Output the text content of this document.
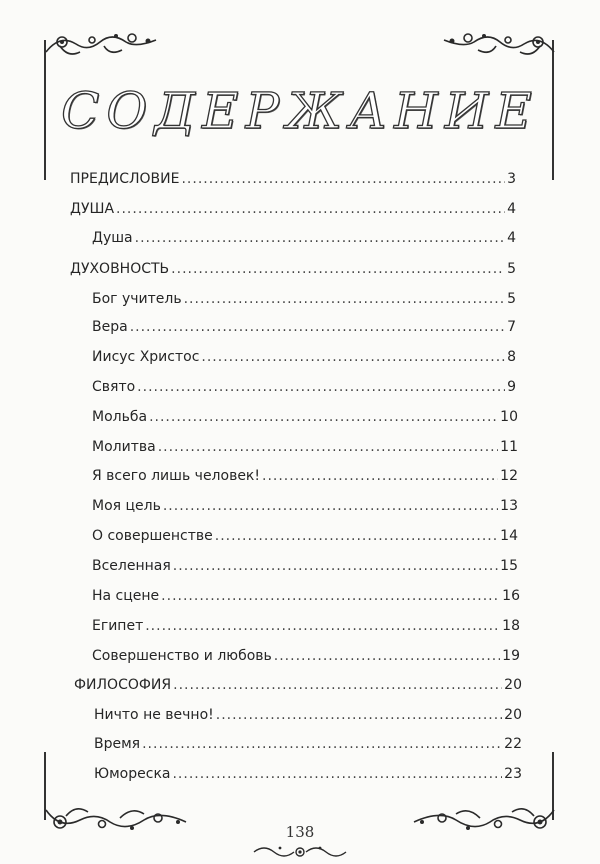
СОДЕРЖАНИЕ
ПРЕДИСЛОВИЕ .....	3
ДУША .....	4
Душа .....	4
ДУХОВНОСТЬ .....	5
Бог учитель .....	5
Вера .....	7
Иисус Христос .....	8
Свято .....	9
Мольба .....	10
Молитва .....	11
Я всего лишь человек! .....	12
Моя цель .....	13
О совершенстве .....	14
Вселенная .....	15
На сцене .....	16
Египет .....	18
Совершенство и любовь .....	19
ФИЛОСОФИЯ .....	20
Ничто не вечно! .....	20
Время .....	22
Юмореска .....	23
138
